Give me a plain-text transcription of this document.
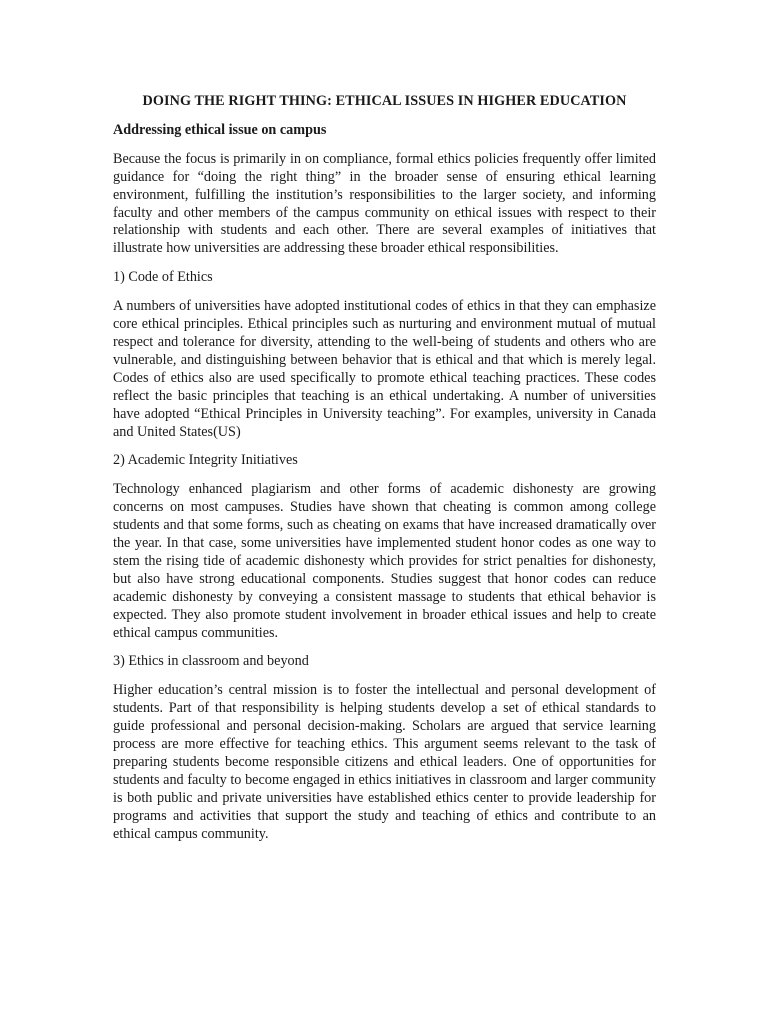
DOING THE RIGHT THING: ETHICAL ISSUES IN HIGHER EDUCATION
Addressing ethical issue on campus
Because the focus is primarily in on compliance, formal ethics policies frequently offer limited guidance for “doing the right thing” in the broader sense of ensuring ethical learning environment, fulfilling the institution’s responsibilities to the larger society, and informing faculty and other members of the campus community on ethical issues with respect to their relationship with students and each other. There are several examples of initiatives that illustrate how universities are addressing these broader ethical responsibilities.
1) Code of Ethics
A numbers of universities have adopted institutional codes of ethics in that they can emphasize core ethical principles. Ethical principles such as nurturing and environment mutual of mutual respect and tolerance for diversity, attending to the well-being of students and others who are vulnerable, and distinguishing between behavior that is ethical and that which is merely legal. Codes of ethics also are used specifically to promote ethical teaching practices. These codes reflect the basic principles that teaching is an ethical undertaking. A number of universities have adopted “Ethical Principles in University teaching”. For examples, university in Canada and United States(US)
2) Academic Integrity Initiatives
Technology enhanced plagiarism and other forms of academic dishonesty are growing concerns on most campuses. Studies have shown that cheating is common among college students and that some forms, such as cheating on exams that have increased dramatically over the year. In that case, some universities have implemented student honor codes as one way to stem the rising tide of academic dishonesty which provides for strict penalties for dishonesty, but also have strong educational components. Studies suggest that honor codes can reduce academic dishonesty by conveying a consistent massage to students that ethical behavior is expected. They also promote student involvement in broader ethical issues and help to create ethical campus communities.
3) Ethics in classroom and beyond
Higher education’s central mission is to foster the intellectual and personal development of students. Part of that responsibility is helping students develop a set of ethical standards to guide professional and personal decision-making. Scholars are argued that service learning process are more effective for teaching ethics. This argument seems relevant to the task of preparing students become responsible citizens and ethical leaders. One of opportunities for students and faculty to become engaged in ethics initiatives in classroom and larger community is both public and private universities have established ethics center to provide leadership for programs and activities that support the study and teaching of ethics and contribute to an ethical campus community.
